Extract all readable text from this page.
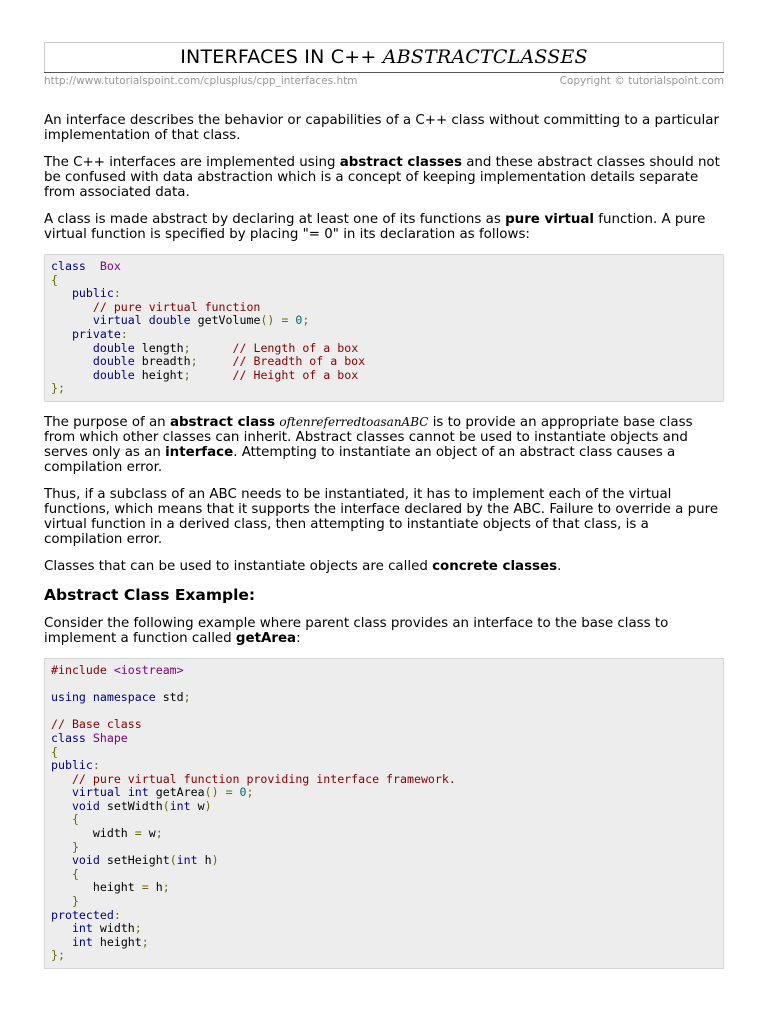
INTERFACES IN C++ ABSTRACTCLASSES
http://www.tutorialspoint.com/cplusplus/cpp_interfaces.htm	Copyright © tutorialspoint.com

An interface describes the behavior or capabilities of a C++ class without committing to a particular implementation of that class.

The C++ interfaces are implemented using abstract classes and these abstract classes should not be confused with data abstraction which is a concept of keeping implementation details separate from associated data.

A class is made abstract by declaring at least one of its functions as pure virtual function. A pure virtual function is specified by placing "= 0" in its declaration as follows:

class Box
{
public:
// pure virtual function
virtual double getVolume() = 0;
private:
double length;	// Length of a box
double breadth;	// Breadth of a box
double height;	// Height of a box
};

The purpose of an abstract class oftenreferredtoasanABC is to provide an appropriate base class from which other classes can inherit. Abstract classes cannot be used to instantiate objects and serves only as an interface. Attempting to instantiate an object of an abstract class causes a compilation error.

Thus, if a subclass of an ABC needs to be instantiated, it has to implement each of the virtual functions, which means that it supports the interface declared by the ABC. Failure to override a pure virtual function in a derived class, then attempting to instantiate objects of that class, is a compilation error.

Classes that can be used to instantiate objects are called concrete classes.

Abstract Class Example:

Consider the following example where parent class provides an interface to the base class to implement a function called getArea:

#include <iostream>
using namespace std;
// Base class
class Shape
{
public:
// pure virtual function providing interface framework.
virtual int getArea() = 0;
void setWidth(int w)
{
width = w;
}
void setHeight(int h)
{
height = h;
}
protected:
int width;
int height;
};
